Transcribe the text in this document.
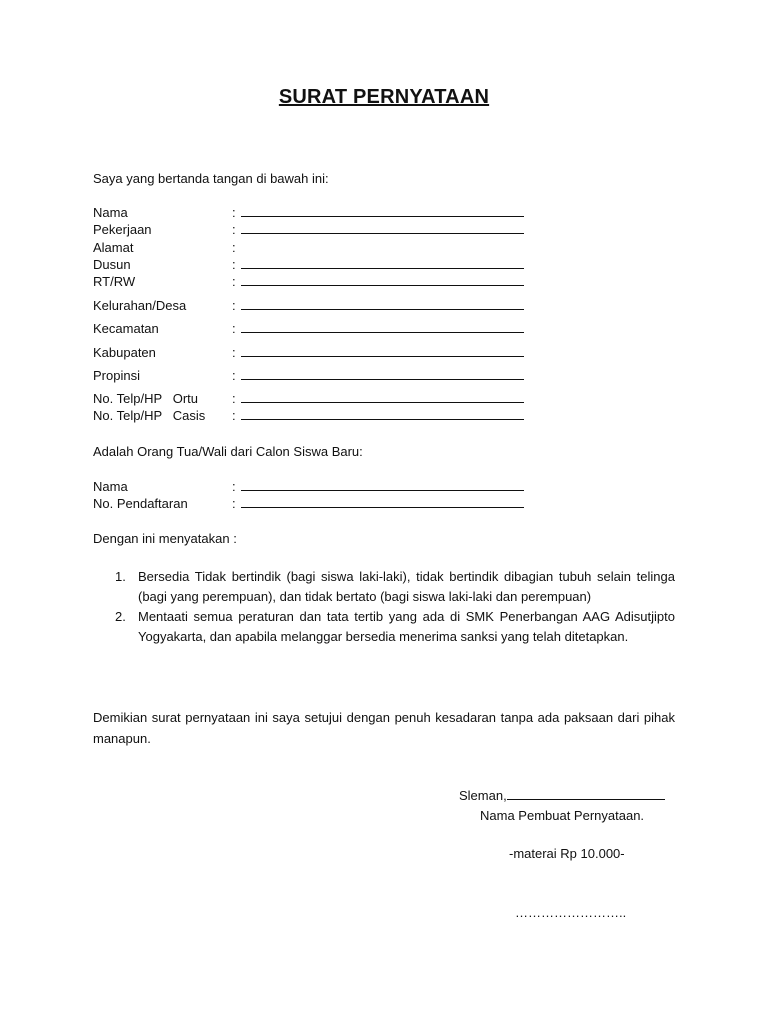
SURAT PERNYATAAN
Saya yang bertanda tangan di bawah ini:
Nama	:
Pekerjaan	:
Alamat	:
Dusun	:
RT/RW	:
Kelurahan/Desa	:
Kecamatan	:
Kabupaten	:
Propinsi	:
No. Telp/HP   Ortu	:
No. Telp/HP   Casis :
Adalah Orang Tua/Wali dari Calon Siswa Baru:
Nama	:
No. Pendaftaran	:
Dengan ini menyatakan :
1. Bersedia Tidak bertindik (bagi siswa laki-laki), tidak bertindik dibagian tubuh selain telinga (bagi yang perempuan), dan tidak bertato (bagi siswa laki-laki dan perempuan)
2. Mentaati semua peraturan dan tata tertib yang ada di SMK Penerbangan AAG Adisutjipto Yogyakarta, dan apabila melanggar bersedia menerima sanksi yang telah ditetapkan.
Demikian surat pernyataan ini saya setujui dengan penuh kesadaran tanpa ada paksaan dari pihak manapun.
Sleman,
Nama Pembuat Pernyataan.
-materai Rp 10.000-
……………………..
